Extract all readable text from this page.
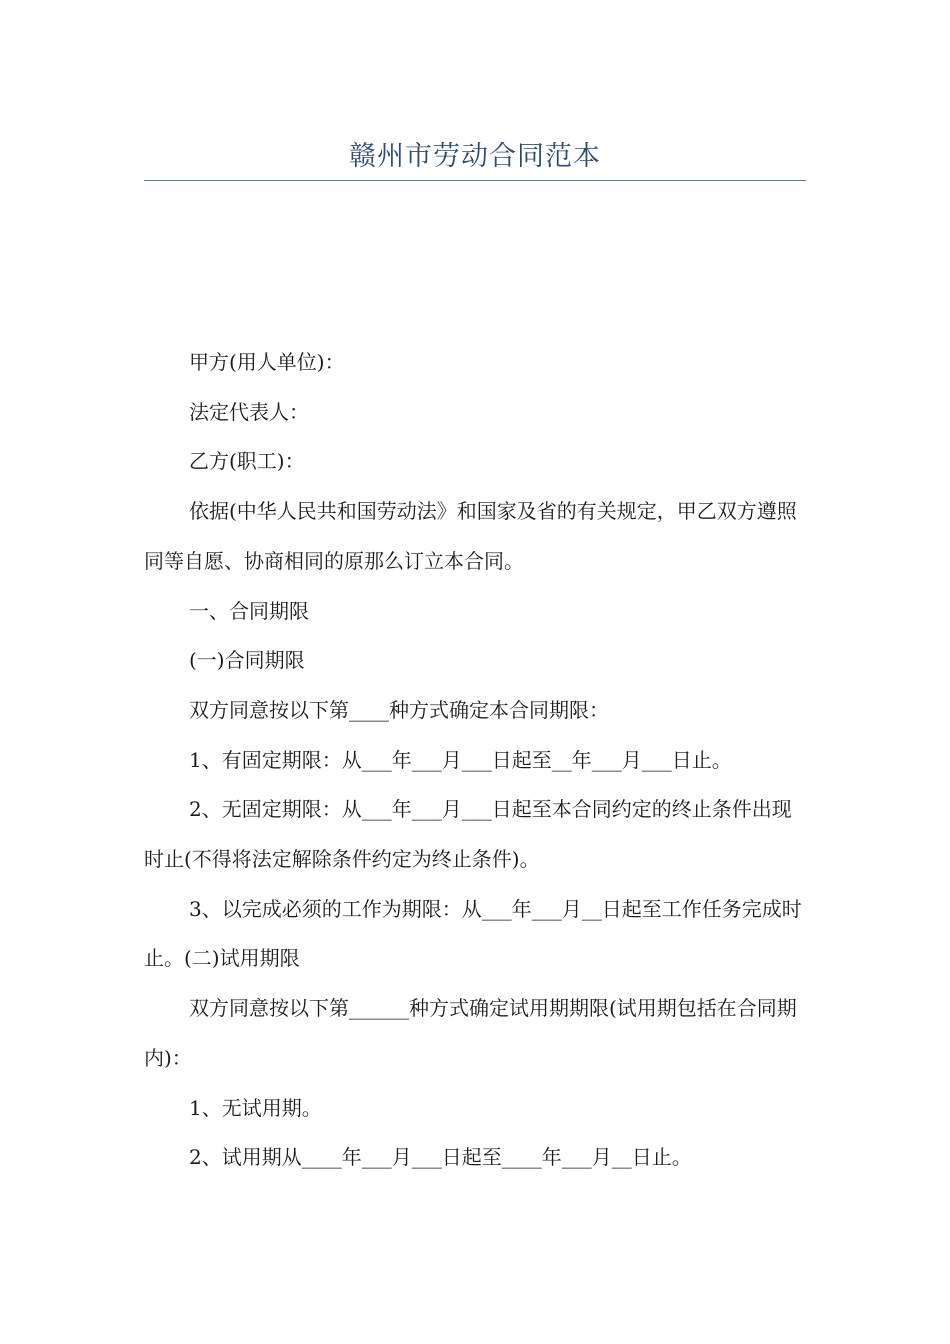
赣州市劳动合同范本

甲方(用人单位)：

法定代表人：

乙方(职工)：

依据(中华人民共和国劳动法》和国家及省的有关规定，甲乙双方遵照同等自愿、协商相同的原那么订立本合同。

一、合同期限

(一)合同期限

双方同意按以下第____种方式确定本合同期限：

1、有固定期限：从___年___月___日起至__年___月___日止。

2、无固定期限：从___年___月___日起至本合同约定的终止条件出现时止(不得将法定解除条件约定为终止条件)。

3、以完成必须的工作为期限：从___年___月__日起至工作任务完成时止。(二)试用期限

双方同意按以下第______种方式确定试用期期限(试用期包括在合同期内)：

1、无试用期。

2、试用期从____年___月___日起至____年___月__日止。
